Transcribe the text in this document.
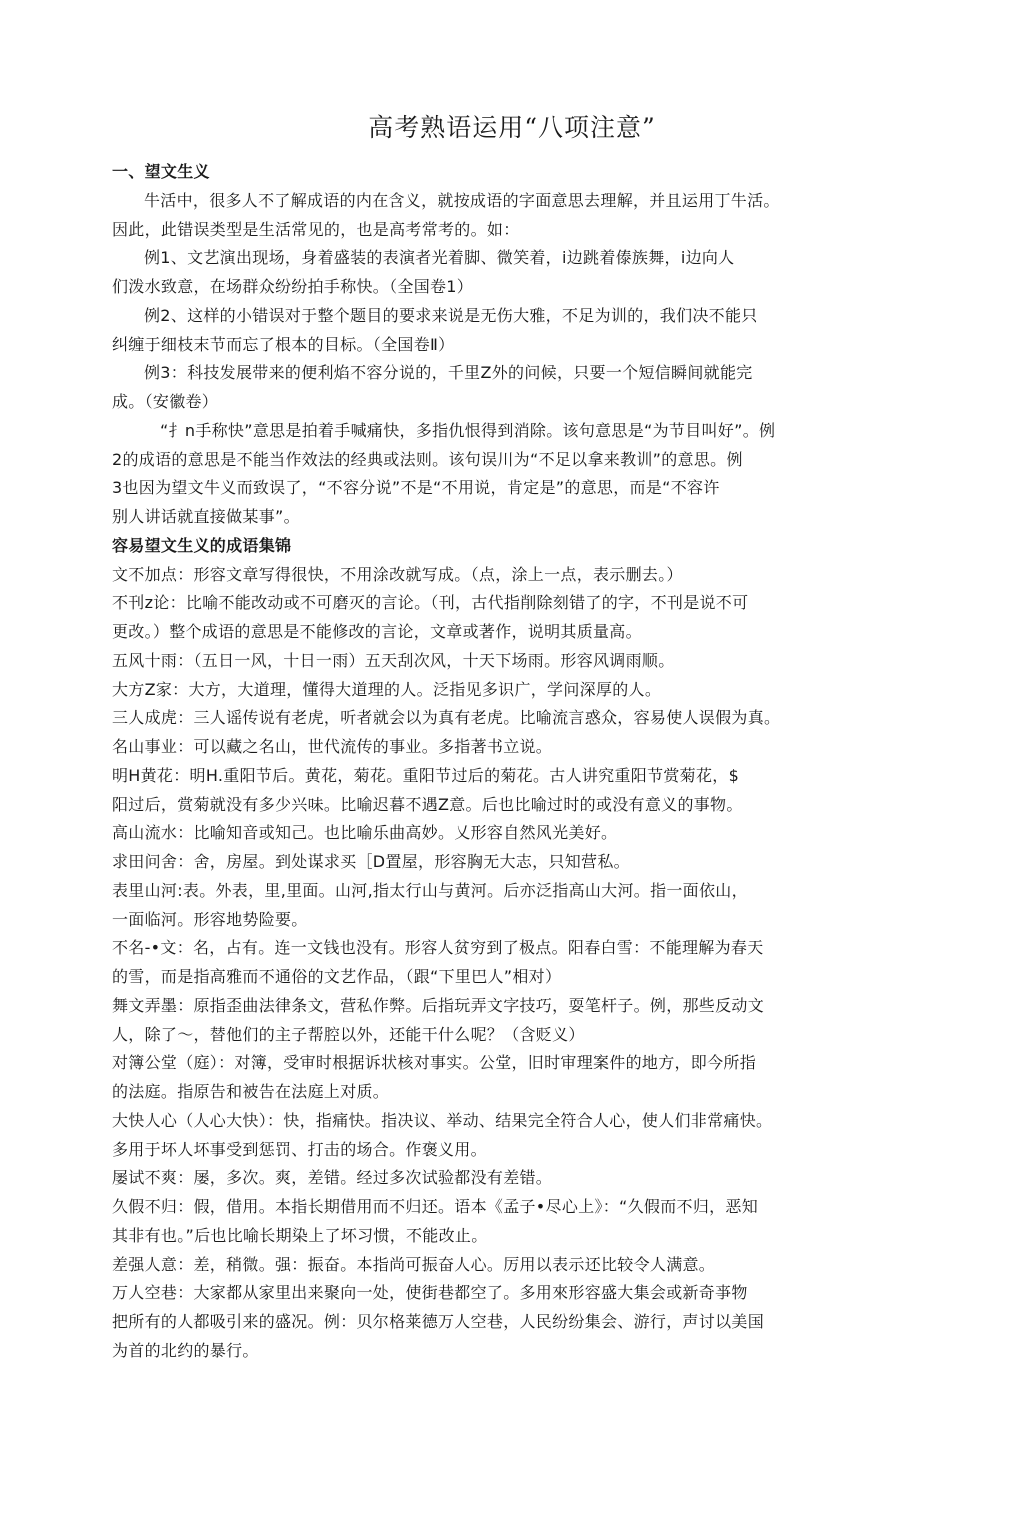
高考熟语运用“八项注意”
一、望文生义
牛活中，很多人不了解成语的内在含义，就按成语的字面意思去理解，并且运用丁牛活。
因此，此错误类型是生活常见的，也是高考常考的。如：
例1、文艺演出现场，身着盛装的表演者光着脚、微笑着，i边跳着傣族舞，i边向人
们泼水致意，在场群众纷纷拍手称快。（全国卷1）
例2、这样的小错误对于整个题目的要求来说是无伤大雅，不足为训的，我们决不能只
纠缠于细枝末节而忘了根本的目标。（全国卷Ⅱ）
例3：科技发展带来的便利焰不容分说的，千里Z外的问候，只要一个短信瞬间就能完
成。（安徽卷）
“扌n手称快”意思是拍着手喊痛快，多指仇恨得到消除。该句意思是“为节目叫好”。例
2的成语的意思是不能当作效法的经典或法则。该句误川为“不足以拿来教训”的意思。例
3也因为望文牛义而致误了，“不容分说”不是“不用说，肯定是”的意思，而是“不容许
别人讲话就直接做某事”。
容易望文生义的成语集锦
文不加点：形容文章写得很快，不用涂改就写成。（点，涂上一点，表示删去。）
不刊z论：比喻不能改动或不可磨灭的言论。（刊，古代指削除刻错了的字，不刊是说不可
更改。）整个成语的意思是不能修改的言论，文章或著作，说明其质量高。
五风十雨：（五日一风，十日一雨）五天刮次风，十天下场雨。形容风调雨顺。
大方Z家：大方，大道理，懂得大道理的人。泛指见多识广，学问深厚的人。
三人成虎：三人谣传说有老虎，听者就会以为真有老虎。比喻流言惑众，容易使人误假为真。
名山事业：可以藏之名山，世代流传的事业。多指著书立说。
明H黄花：明H.重阳节后。黄花，菊花。重阳节过后的菊花。古人讲究重阳节赏菊花，$
阳过后，赏菊就没有多少兴味。比喻迟暮不遇Z意。后也比喻过时的或没有意义的事物。
高山流水：比喻知音或知己。也比喻乐曲高妙。乂形容自然风光美好。
求田问舍：舍，房屋。到处谋求买［D置屋，形容胸无大志，只知营私。
表里山河:表。外表，里,里面。山河,指太行山与黄河。后亦泛指高山大河。指一面依山，
一面临河。形容地势险要。
不名-•文：名，占有。连一文钱也没有。形容人贫穷到了极点。阳春白雪：不能理解为春天
的雪，而是指高雅而不通俗的文艺作品，（跟“下里巴人”相对）
舞文弄墨：原指歪曲法律条文，营私作弊。后指玩弄文字技巧，耍笔杆子。例，那些反动文
人，除了〜，替他们的主子帮腔以外，还能干什么呢？（含贬义）
对簿公堂（庭）：对簿，受审时根据诉状核对事实。公堂，旧时审理案件的地方，即今所指
的法庭。指原告和被告在法庭上对质。
大快人心（人心大快）：快，指痛快。指决议、举动、结果完全符合人心，使人们非常痛快。
多用于坏人坏事受到惩罚、打击的场合。作褒义用。
屡试不爽：屡，多次。爽，差错。经过多次试验都没有差错。
久假不归：假，借用。本指长期借用而不归还。语本《孟子•尽心上》：“久假而不归，恶知
其非有也。”后也比喻长期染上了坏习惯，不能改止。
差强人意：差，稍微。强：振奋。本指尚可振奋人心。厉用以表示还比较令人满意。
万人空巷：大家都从家里出来聚向一处，使街巷都空了。多用來形容盛大集会或新奇亊物
把所有的人都吸引来的盛况。例：贝尔格莱德万人空巷，人民纷纷集会、游行，声讨以美国
为首的北约的暴行。
